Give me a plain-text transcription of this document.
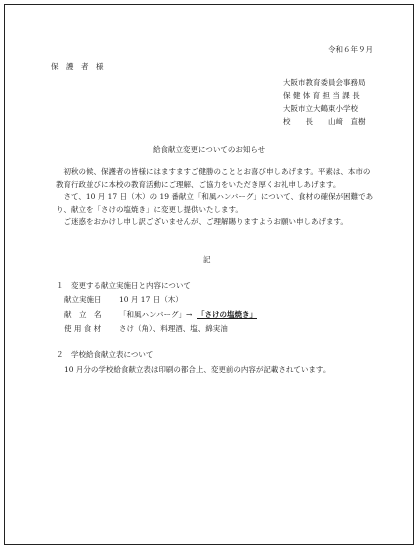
令和６年９月
保　護　者　様
大阪市教育委員会事務局
保 健 体 育 担 当 課 長
大阪市立大鶴東小学校
校　　長　　山﨑　直樹
給食献立変更についてのお知らせ
　初秋の候、保護者の皆様にはますますご健勝のこととお喜び申しあげます。平素は、本市の教育行政並びに本校の教育活動にご理解、ご協力をいただき厚くお礼申しあげます。
　さて、10 月 17 日（木）の 19 番献立「和風ハンバーグ」について、食材の確保が困難であり、献立を「さけの塩焼き」に変更し提供いたします。
　ご迷惑をおかけし申し訳ございませんが、ご理解賜りますようお願い申しあげます。
記
１　変更する献立実施日と内容について
献立実施日 10 月 17 日（木）
献　立　名 「和風ハンバーグ」→ 「さけの塩焼き」
使 用 食 材 さけ（角）、料理酒、塩、綿実油
２　学校給食献立表について
10 月分の学校給食献立表は印刷の都合上、変更前の内容が記載されています。
